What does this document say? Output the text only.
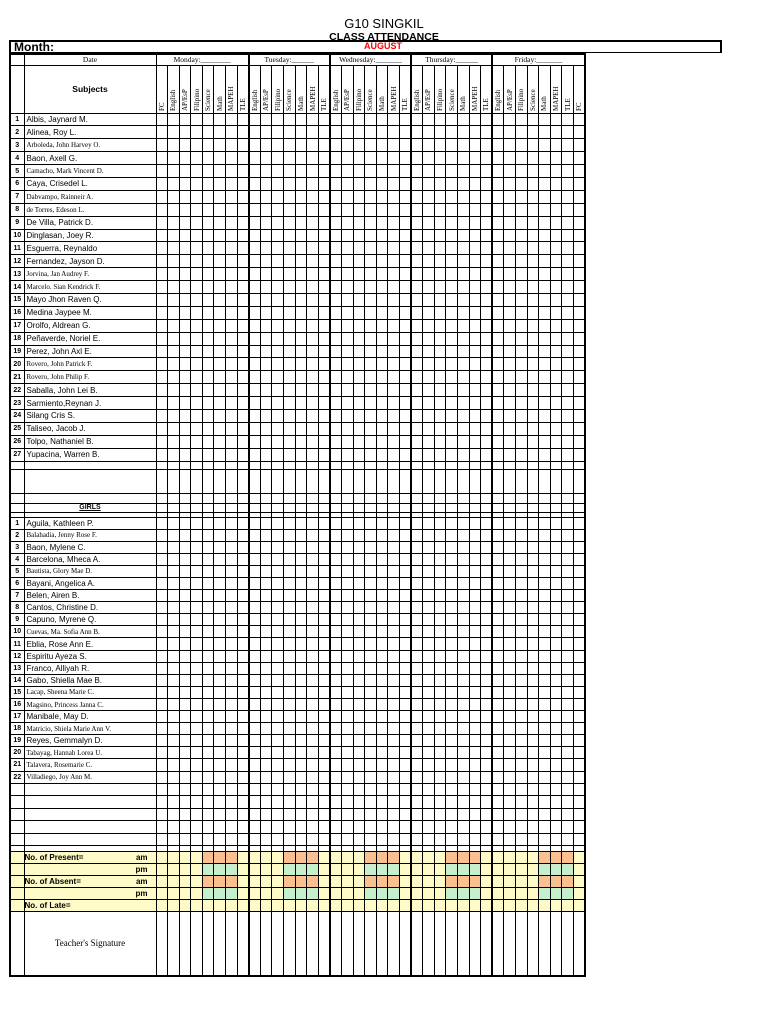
G10 SINGKIL
CLASS ATTENDANCE
Month:	AUGUST
	Date	Monday:________								Tuesday:______							Wednesday:_______							Thursday:______							Friday:_______							
	Subjects	FC	English	AP/EsP	Filipino	Science	Math	MAPEH	TLE	English	AP/EsP	Filipino	Science	Math	MAPEH	TLE	English	AP/EsP	Filipino	Science	Math	MAPEH	TLE	English	AP/EsP	Filipino	Science	Math	MAPEH	TLE	English	AP/EsP	Filipino	Science	Math	MAPEH	TLE	FC

1	Albis, Jaynard M.																																					
2	Alinea, Roy L.																																					
3	Arboleda, John Harvey O.																																					
4	Baon, Axell G.																																					
5	Camacho, Mark Vincent D.																																					
6	Caya, Crisedel L.																																					
7	Dabvampo, Rainneir A.																																					
8	de Torres, Edeson L.																																					
9	De Villa, Patrick D.																																					
10	Dinglasan, Joey R.																																					
11	Esguerra, Reynaldo																																					
12	Fernandez, Jayson D.																																					
13	Jorvina, Jan Audrey F.																																					
14	Marcelo. Sian Kendrick F.																																					
15	Mayo Jhon Raven Q.																																					
16	Medina Jaypee M.																																					
17	Orolfo, Aldrean G.																																					
18	Peñaverde, Noriel E.																																					
19	Perez, John Axl E.																																					
20	Rovero, John Patrick F.																																					
21	Rovero, John Philip F.																																					
22	Saballa, John Lei B.																																					
23	Sarmiento,Reynan J.																																					
24	Silang Cris S.																																					
25	Taliseo, Jacob J.																																					
26	Tolpo, Nathaniel B.																																					
27	Yupacina, Warren B.																																					

	GIRLS																																					

1	Aguila, Kathleen P.																																					
2	Balahadia, Jenny Rose F.																																					
3	Baon, Mylene C.																																					
4	Barcelona, Mheca A.																																					
5	Bautista, Glory Mae D.																																					
6	Bayani, Angelica A.																																					
7	Belen, Airen B.																																					
8	Cantos, Christine D.																																					
9	Capuno, Myrene Q.																																					
10	Cuevas, Ma. Sofia Ann B.																																					
11	Eblia, Rose Ann E.																																					
12	Espiritu Ayeza S.																																					
13	Franco, Alliyah R.																																					
14	Gabo, Shiella Mae B.																																					
15	Lacap, Sheena Marie C.																																					
16	Magsino, Princess Janna C.																																					
17	Manibale, May D.																																					
18	Matricio, Shiela Marie Ann V.																																					
19	Reyes, Gemmalyn D.																																					
20	Tabayag, Hannah Lorea U.																																					
21	Talavera, Rosemarie C.																																					
22	Villadiego, Joy Ann M.																																					

	No. of Present= am																																					

	pm																																					

	No. of Absent= am																																					

	pm																																					

	No. of Late=

	Teacher's Signature																																					
